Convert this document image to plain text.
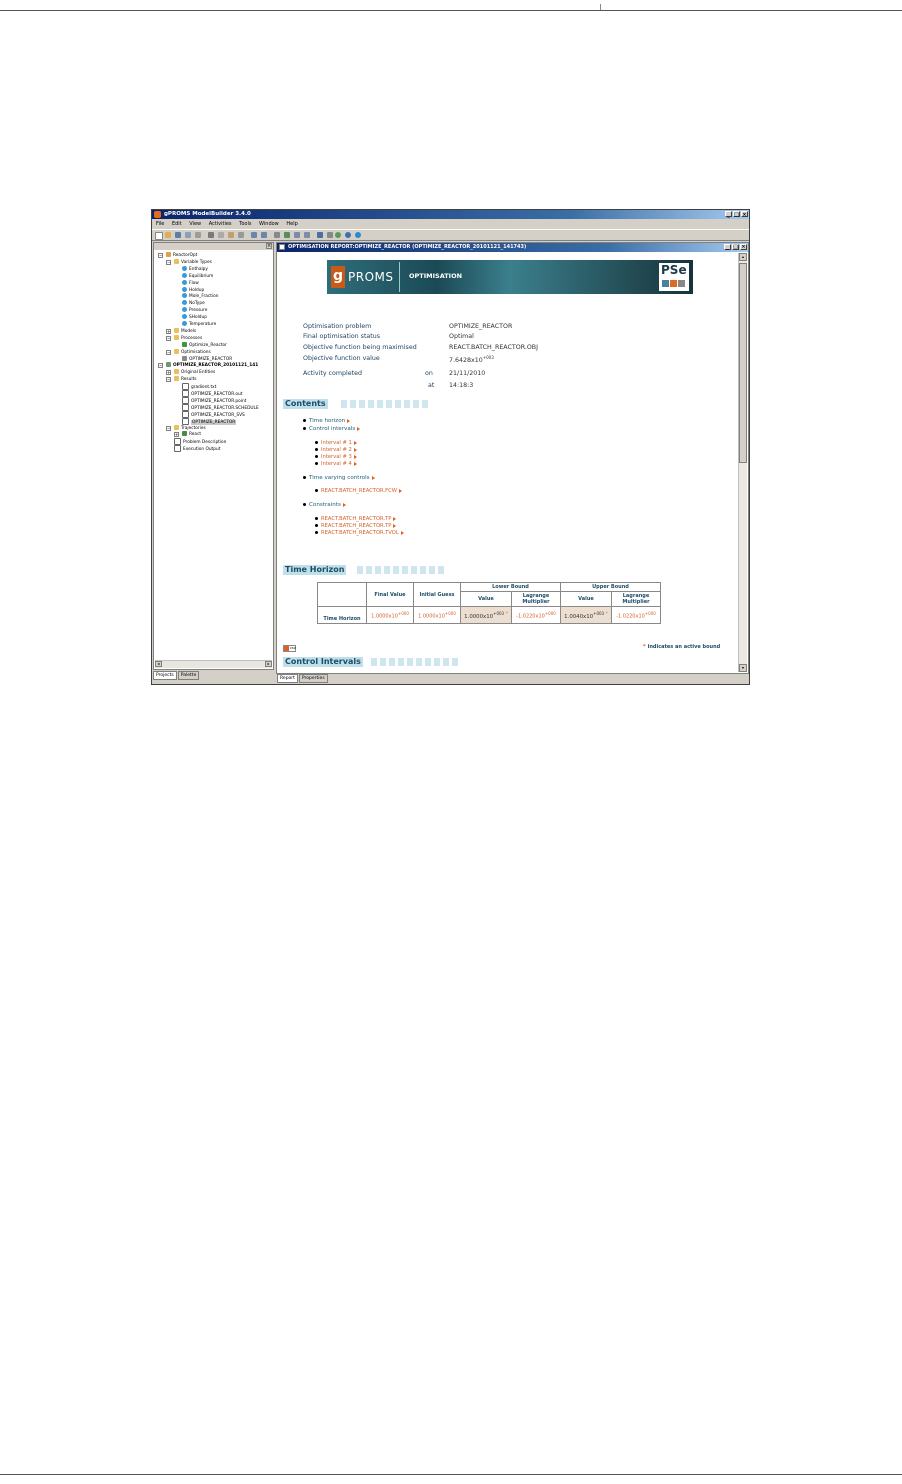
gPROMS ModelBuilder 3.4.0	_ □ ×
File Edit View Activities Tools Window Help
×
− ReactorOpt
− Variable Types
Enthalpy
Equilibrium
Flow
Holdup
Mole_Fraction
NoType
Pressure
SHoldup
Temperature
+ Models
− Processes
Optimize_Reactor
− Optimisations
OPTIMIZE_REACTOR
− OPTIMIZE_REACTOR_20101121_141
+ Original Entities
− Results
gradient.txt
OPTIMIZE_REACTOR.out
OPTIMIZE_REACTOR.point
OPTIMIZE_REACTOR.SCHEDULE
OPTIMIZE_REACTOR_SVS
OPTIMIZE_REACTOR
− Trajectories
+ React
Problem Description
Execution Output
◂	▸
Projects Palette
OPTIMISATION REPORT:OPTIMIZE_REACTOR (OPTIMIZE_REACTOR_20101121_141743)	_ □ ×
g PROMS OPTIMISATION	PSe
Optimisation problem	OPTIMIZE_REACTOR
Final optimisation status	Optimal
Objective function being maximised	REACT.BATCH_REACTOR.OBJ
Objective function value	$7.6428x10^{+003}$
Activity completed	on	21/11/2010
at 14:18:3
Contents
Time horizon
Control intervals
Interval # 1
Interval # 2
Interval # 3
Interval # 4
Time varying controls
REACT.BATCH_REACTOR.FCW
Constraints
REACT.BATCH_REACTOR.TP
REACT.BATCH_REACTOR.TP
REACT.BATCH_REACTOR.TVOL
Time Horizon
	Final Value	Initial Guess	Lower Bound		Upper Bound	
			Value	Lagrange Multiplier	Value	Lagrange Multiplier
Time Horizon	$1.0000x10^{+000}$	$1.0000x10^{+000}$	$1.0000x10^{+003}$ *	$-1.0220x10^{+000}$	$1.0040x10^{+003}$ *	$-1.0220x10^{+000}$
csv	* indicates an active bound
Control Intervals
▴
▾
Report Properties
